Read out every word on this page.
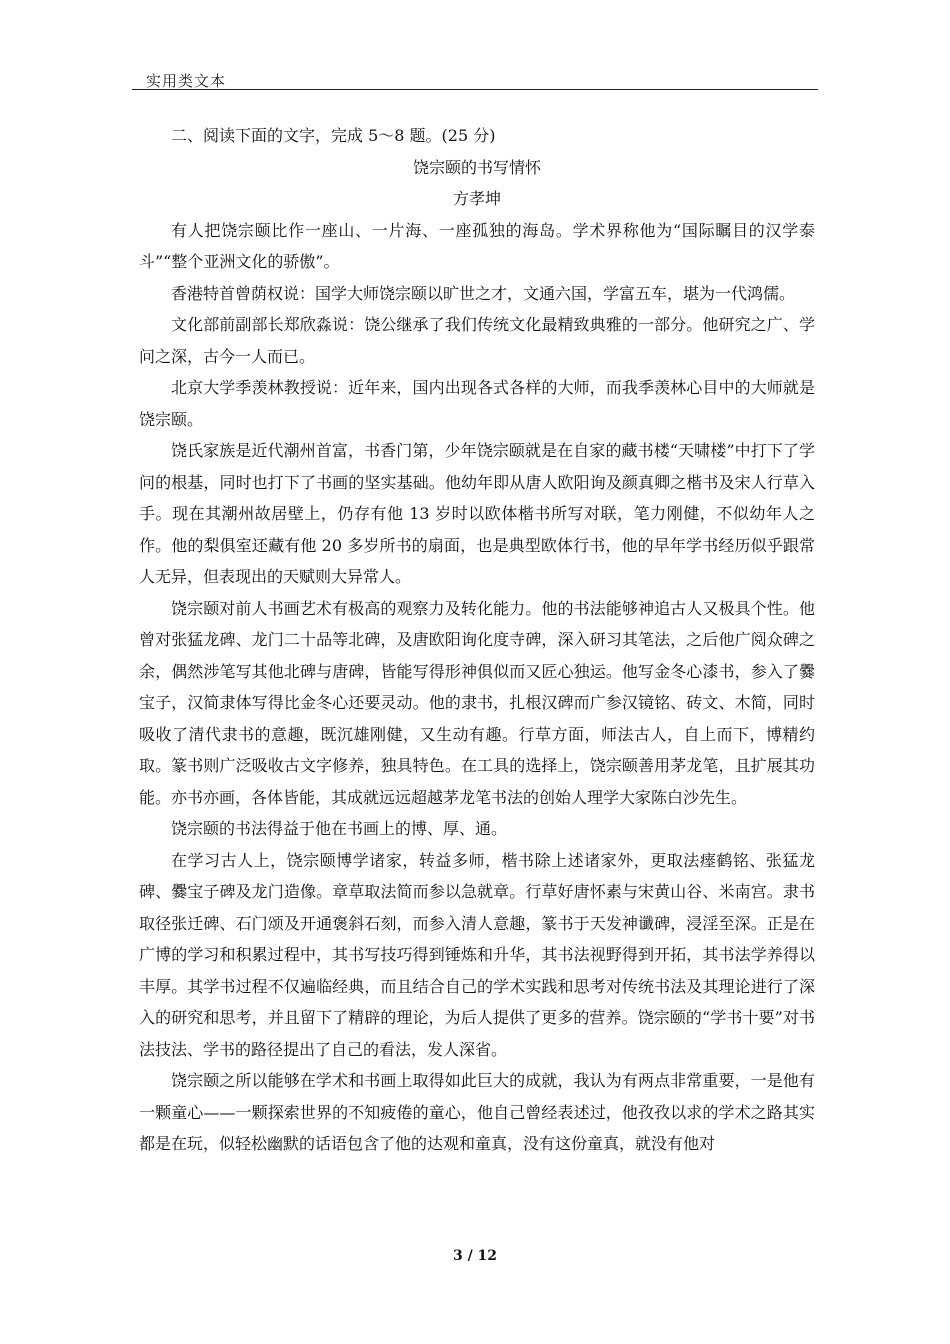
实用类文本

二、阅读下面的文字，完成 5～8 题。(25 分)

饶宗颐的书写情怀

方孝坤

有人把饶宗颐比作一座山、一片海、一座孤独的海岛。学术界称他为“国际瞩目的汉学泰斗”“整个亚洲文化的骄傲”。

香港特首曾荫权说：国学大师饶宗颐以旷世之才，文通六国，学富五车，堪为一代鸿儒。

文化部前副部长郑欣淼说：饶公继承了我们传统文化最精致典雅的一部分。他研究之广、学问之深，古今一人而已。

北京大学季羡林教授说：近年来，国内出现各式各样的大师，而我季羡林心目中的大师就是饶宗颐。

饶氏家族是近代潮州首富，书香门第，少年饶宗颐就是在自家的藏书楼“天啸楼”中打下了学问的根基，同时也打下了书画的坚实基础。他幼年即从唐人欧阳询及颜真卿之楷书及宋人行草入手。现在其潮州故居壁上，仍存有他 13 岁时以欧体楷书所写对联，笔力刚健，不似幼年人之作。他的梨俱室还藏有他 20 多岁所书的扇面，也是典型欧体行书，他的早年学书经历似乎跟常人无异，但表现出的天赋则大异常人。

饶宗颐对前人书画艺术有极高的观察力及转化能力。他的书法能够神追古人又极具个性。他曾对张猛龙碑、龙门二十品等北碑，及唐欧阳询化度寺碑，深入研习其笔法，之后他广阅众碑之余，偶然涉笔写其他北碑与唐碑，皆能写得形神俱似而又匠心独运。他写金冬心漆书，参入了爨宝子，汉简隶体写得比金冬心还要灵动。他的隶书，扎根汉碑而广参汉镜铭、砖文、木简，同时吸收了清代隶书的意趣，既沉雄刚健，又生动有趣。行草方面，师法古人，自上而下，博精约取。篆书则广泛吸收古文字修养，独具特色。在工具的选择上，饶宗颐善用茅龙笔，且扩展其功能。亦书亦画，各体皆能，其成就远远超越茅龙笔书法的创始人理学大家陈白沙先生。

饶宗颐的书法得益于他在书画上的博、厚、通。

在学习古人上，饶宗颐博学诸家，转益多师，楷书除上述诸家外，更取法瘗鹤铭、张猛龙碑、爨宝子碑及龙门造像。章草取法简而参以急就章。行草好唐怀素与宋黄山谷、米南宫。隶书取径张迁碑、石门颂及开通褒斜石刻，而参入清人意趣，篆书于天发神谶碑，浸淫至深。正是在广博的学习和积累过程中，其书写技巧得到锤炼和升华，其书法视野得到开拓，其书法学养得以丰厚。其学书过程不仅遍临经典，而且结合自己的学术实践和思考对传统书法及其理论进行了深入的研究和思考，并且留下了精辟的理论，为后人提供了更多的营养。饶宗颐的“学书十要”对书法技法、学书的路径提出了自己的看法，发人深省。

饶宗颐之所以能够在学术和书画上取得如此巨大的成就，我认为有两点非常重要，一是他有一颗童心——一颗探索世界的不知疲倦的童心，他自己曾经表述过，他孜孜以求的学术之路其实都是在玩，似轻松幽默的话语包含了他的达观和童真，没有这份童真，就没有他对

3 / 12
